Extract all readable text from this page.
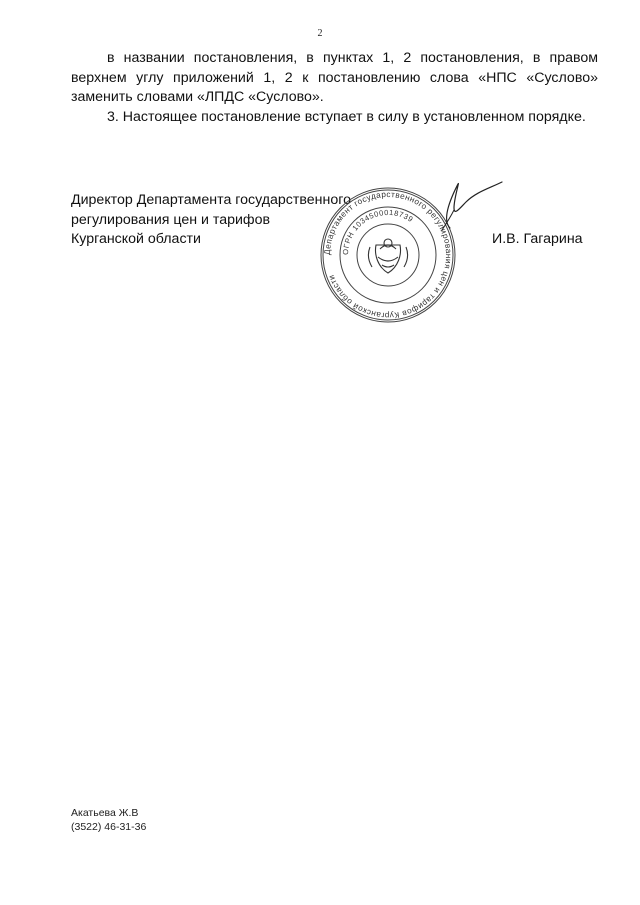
2

в названии постановления, в пунктах 1, 2 постановления, в правом верхнем углу приложений 1, 2 к постановлению слова «НПС «Суслово» заменить словами «ЛПДС «Суслово».

3. Настоящее постановление вступает в силу в установленном порядке.

Директор Департамента государственного
регулирования цен и тарифов
Курганской области
Департамент государственного регулирования цен и тарифов Курганской области
ОГРН 1034500018739
И.В. Гагарина
Акатьева Ж.В
(3522) 46-31-36
